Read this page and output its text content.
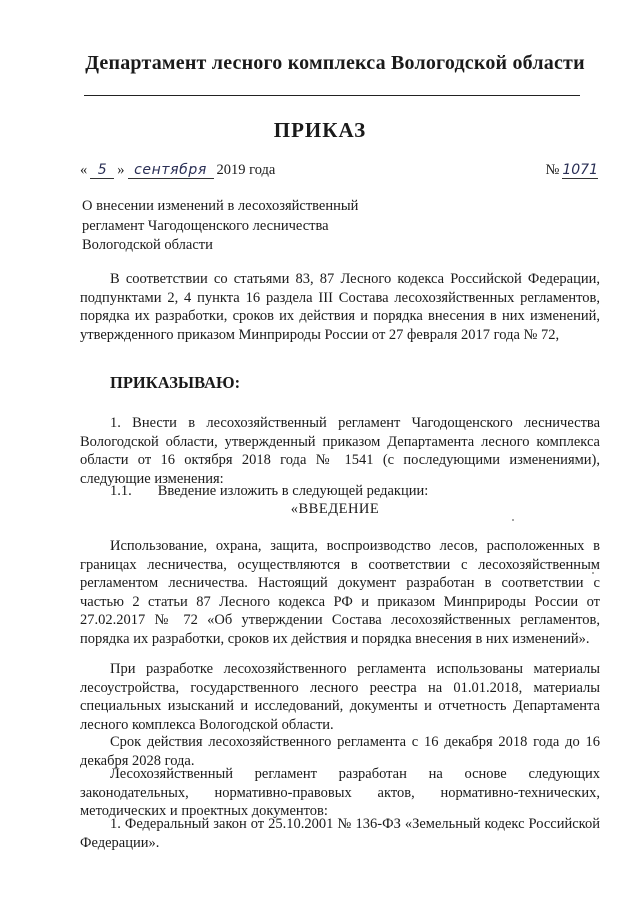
Департамент лесного комплекса Вологодской области
ПРИКАЗ
« 5 » сентября 2019 года	№ 1071
О внесении изменений в лесохозяйственный регламент Чагодощенского лесничества Вологодской области
В соответствии со статьями 83, 87 Лесного кодекса Российской Федерации, подпунктами 2, 4 пункта 16 раздела III Состава лесохозяйственных регламентов, порядка их разработки, сроков их действия и порядка внесения в них изменений, утвержденного приказом Минприроды России от 27 февраля 2017 года № 72,
ПРИКАЗЫВАЮ:
1. Внести в лесохозяйственный регламент Чагодощенского лесничества Вологодской области, утвержденный приказом Департамента лесного комплекса области от 16 октября 2018 года № 1541 (с последующими изменениями), следующие изменения:
1.1. Введение изложить в следующей редакции:
«ВВЕДЕНИЕ
Использование, охрана, защита, воспроизводство лесов, расположенных в границах лесничества, осуществляются в соответствии с лесохозяйственным регламентом лесничества. Настоящий документ разработан в соответствии с частью 2 статьи 87 Лесного кодекса РФ и приказом Минприроды России от 27.02.2017 № 72 «Об утверждении Состава лесохозяйственных регламентов, порядка их разработки, сроков их действия и порядка внесения в них изменений».
При разработке лесохозяйственного регламента использованы материалы лесоустройства, государственного лесного реестра на 01.01.2018, материалы специальных изысканий и исследований, документы и отчетность Департамента лесного комплекса Вологодской области.
Срок действия лесохозяйственного регламента с 16 декабря 2018 года до 16 декабря 2028 года.
Лесохозяйственный регламент разработан на основе следующих законодательных, нормативно-правовых актов, нормативно-технических, методических и проектных документов:
1. Федеральный закон от 25.10.2001 № 136-ФЗ «Земельный кодекс Российской Федерации».
